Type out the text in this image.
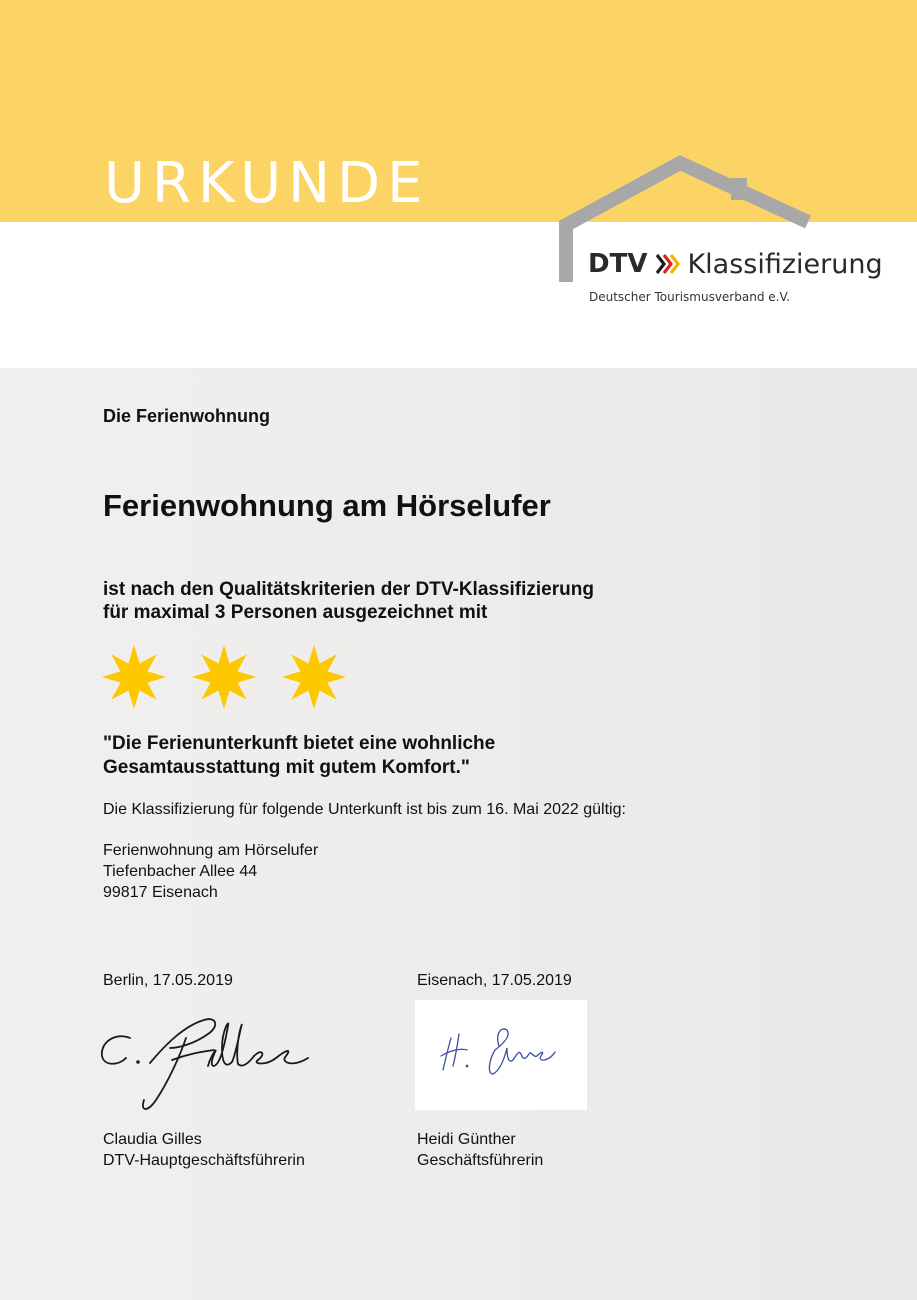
URKUNDE
DTV Klassifizierung
Deutscher Tourismusverband e.V.

Die Ferienwohnung

Ferienwohnung am Hörselufer

ist nach den Qualitätskriterien der DTV-Klassifizierung
für maximal 3 Personen ausgezeichnet mit

"Die Ferienunterkunft bietet eine wohnliche
Gesamtausstattung mit gutem Komfort."

Die Klassifizierung für folgende Unterkunft ist bis zum 16. Mai 2022 gültig:

Ferienwohnung am Hörselufer
Tiefenbacher Allee 44
99817 Eisenach

Berlin, 17.05.2019	Eisenach, 17.05.2019
Claudia Gilles
DTV-Hauptgeschäftsführerin
Heidi Günther
Geschäftsführerin
